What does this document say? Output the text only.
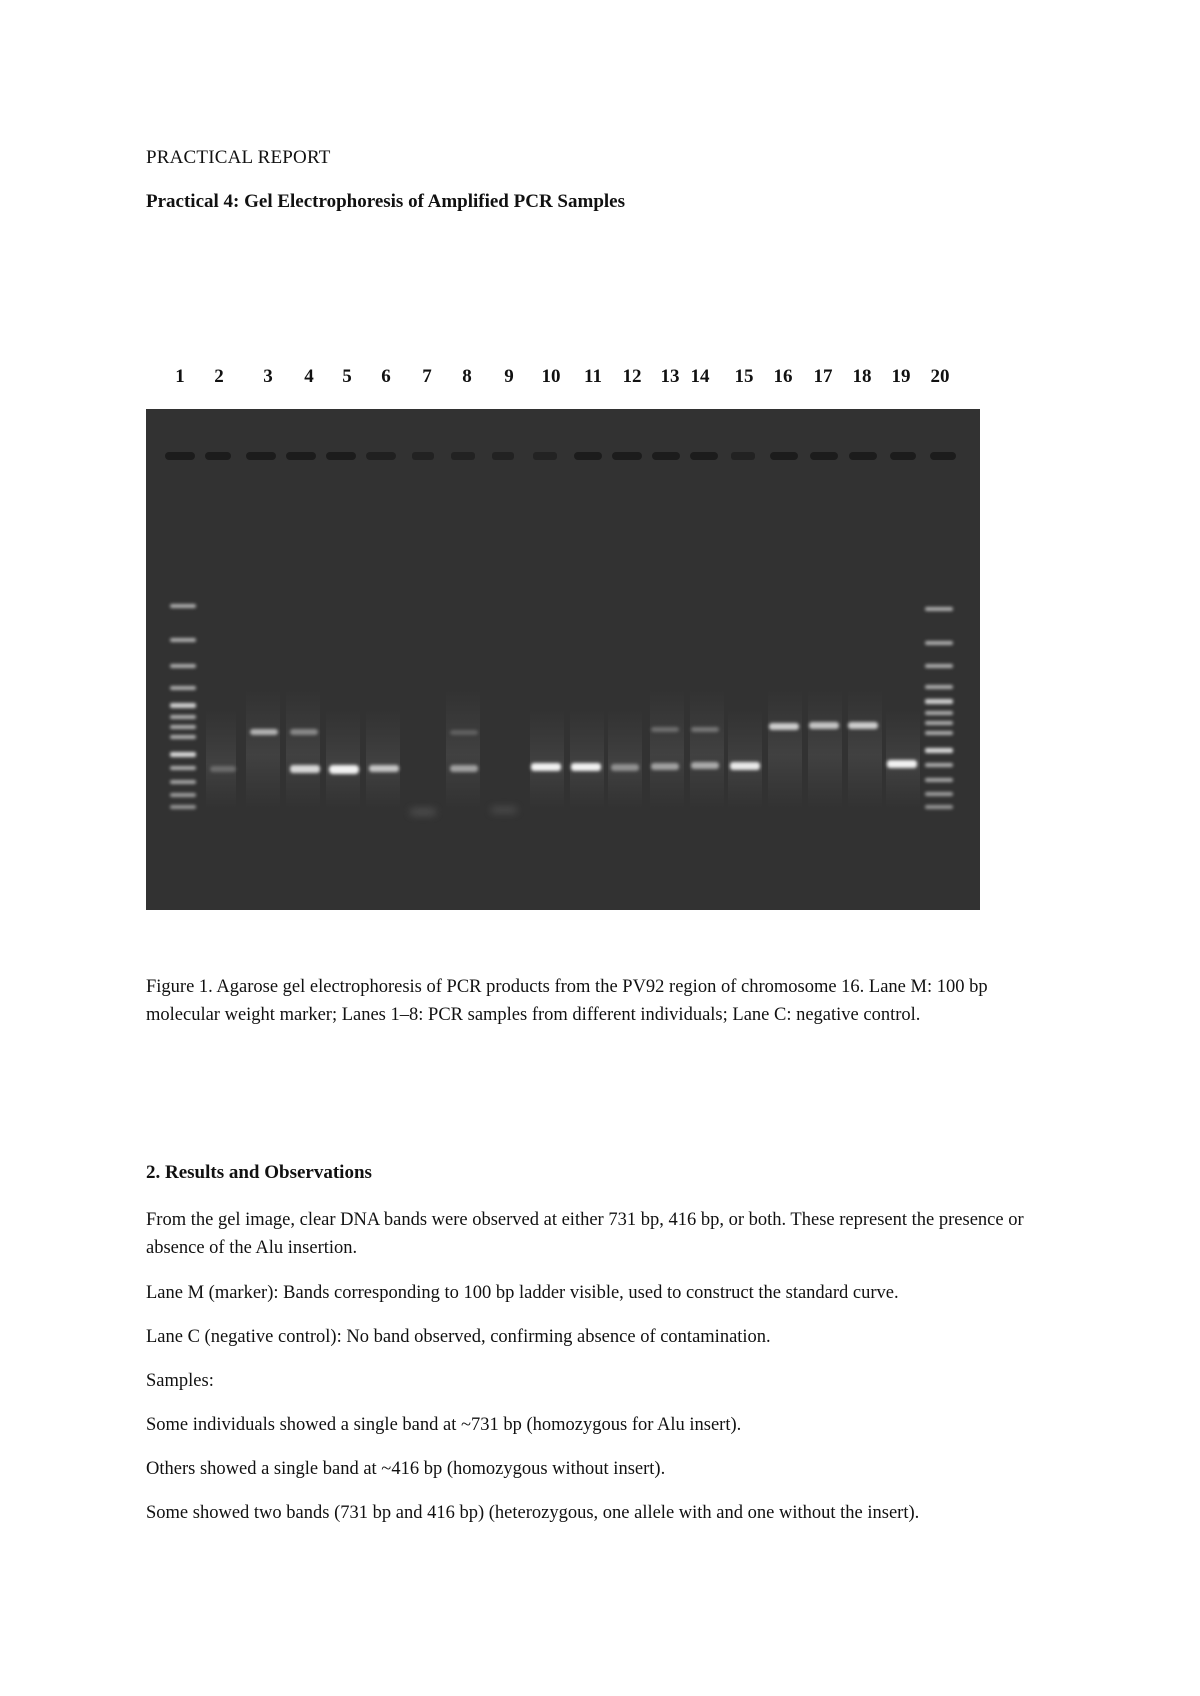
PRACTICAL REPORT
Practical 4: Gel Electrophoresis of Amplified PCR Samples
1 2 3 4 5 6 7 8 9 10 11 12 13 14 15 16 17 18 19 20
Figure 1. Agarose gel electrophoresis of PCR products from the PV92 region of chromosome 16. Lane M: 100 bp molecular weight marker; Lanes 1–8: PCR samples from different individuals; Lane C: negative control.
2. Results and Observations
From the gel image, clear DNA bands were observed at either 731 bp, 416 bp, or both. These represent the presence or absence of the Alu insertion.
Lane M (marker): Bands corresponding to 100 bp ladder visible, used to construct the standard curve.
Lane C (negative control): No band observed, confirming absence of contamination.
Samples:
Some individuals showed a single band at ~731 bp (homozygous for Alu insert).
Others showed a single band at ~416 bp (homozygous without insert).
Some showed two bands (731 bp and 416 bp) (heterozygous, one allele with and one without the insert).
